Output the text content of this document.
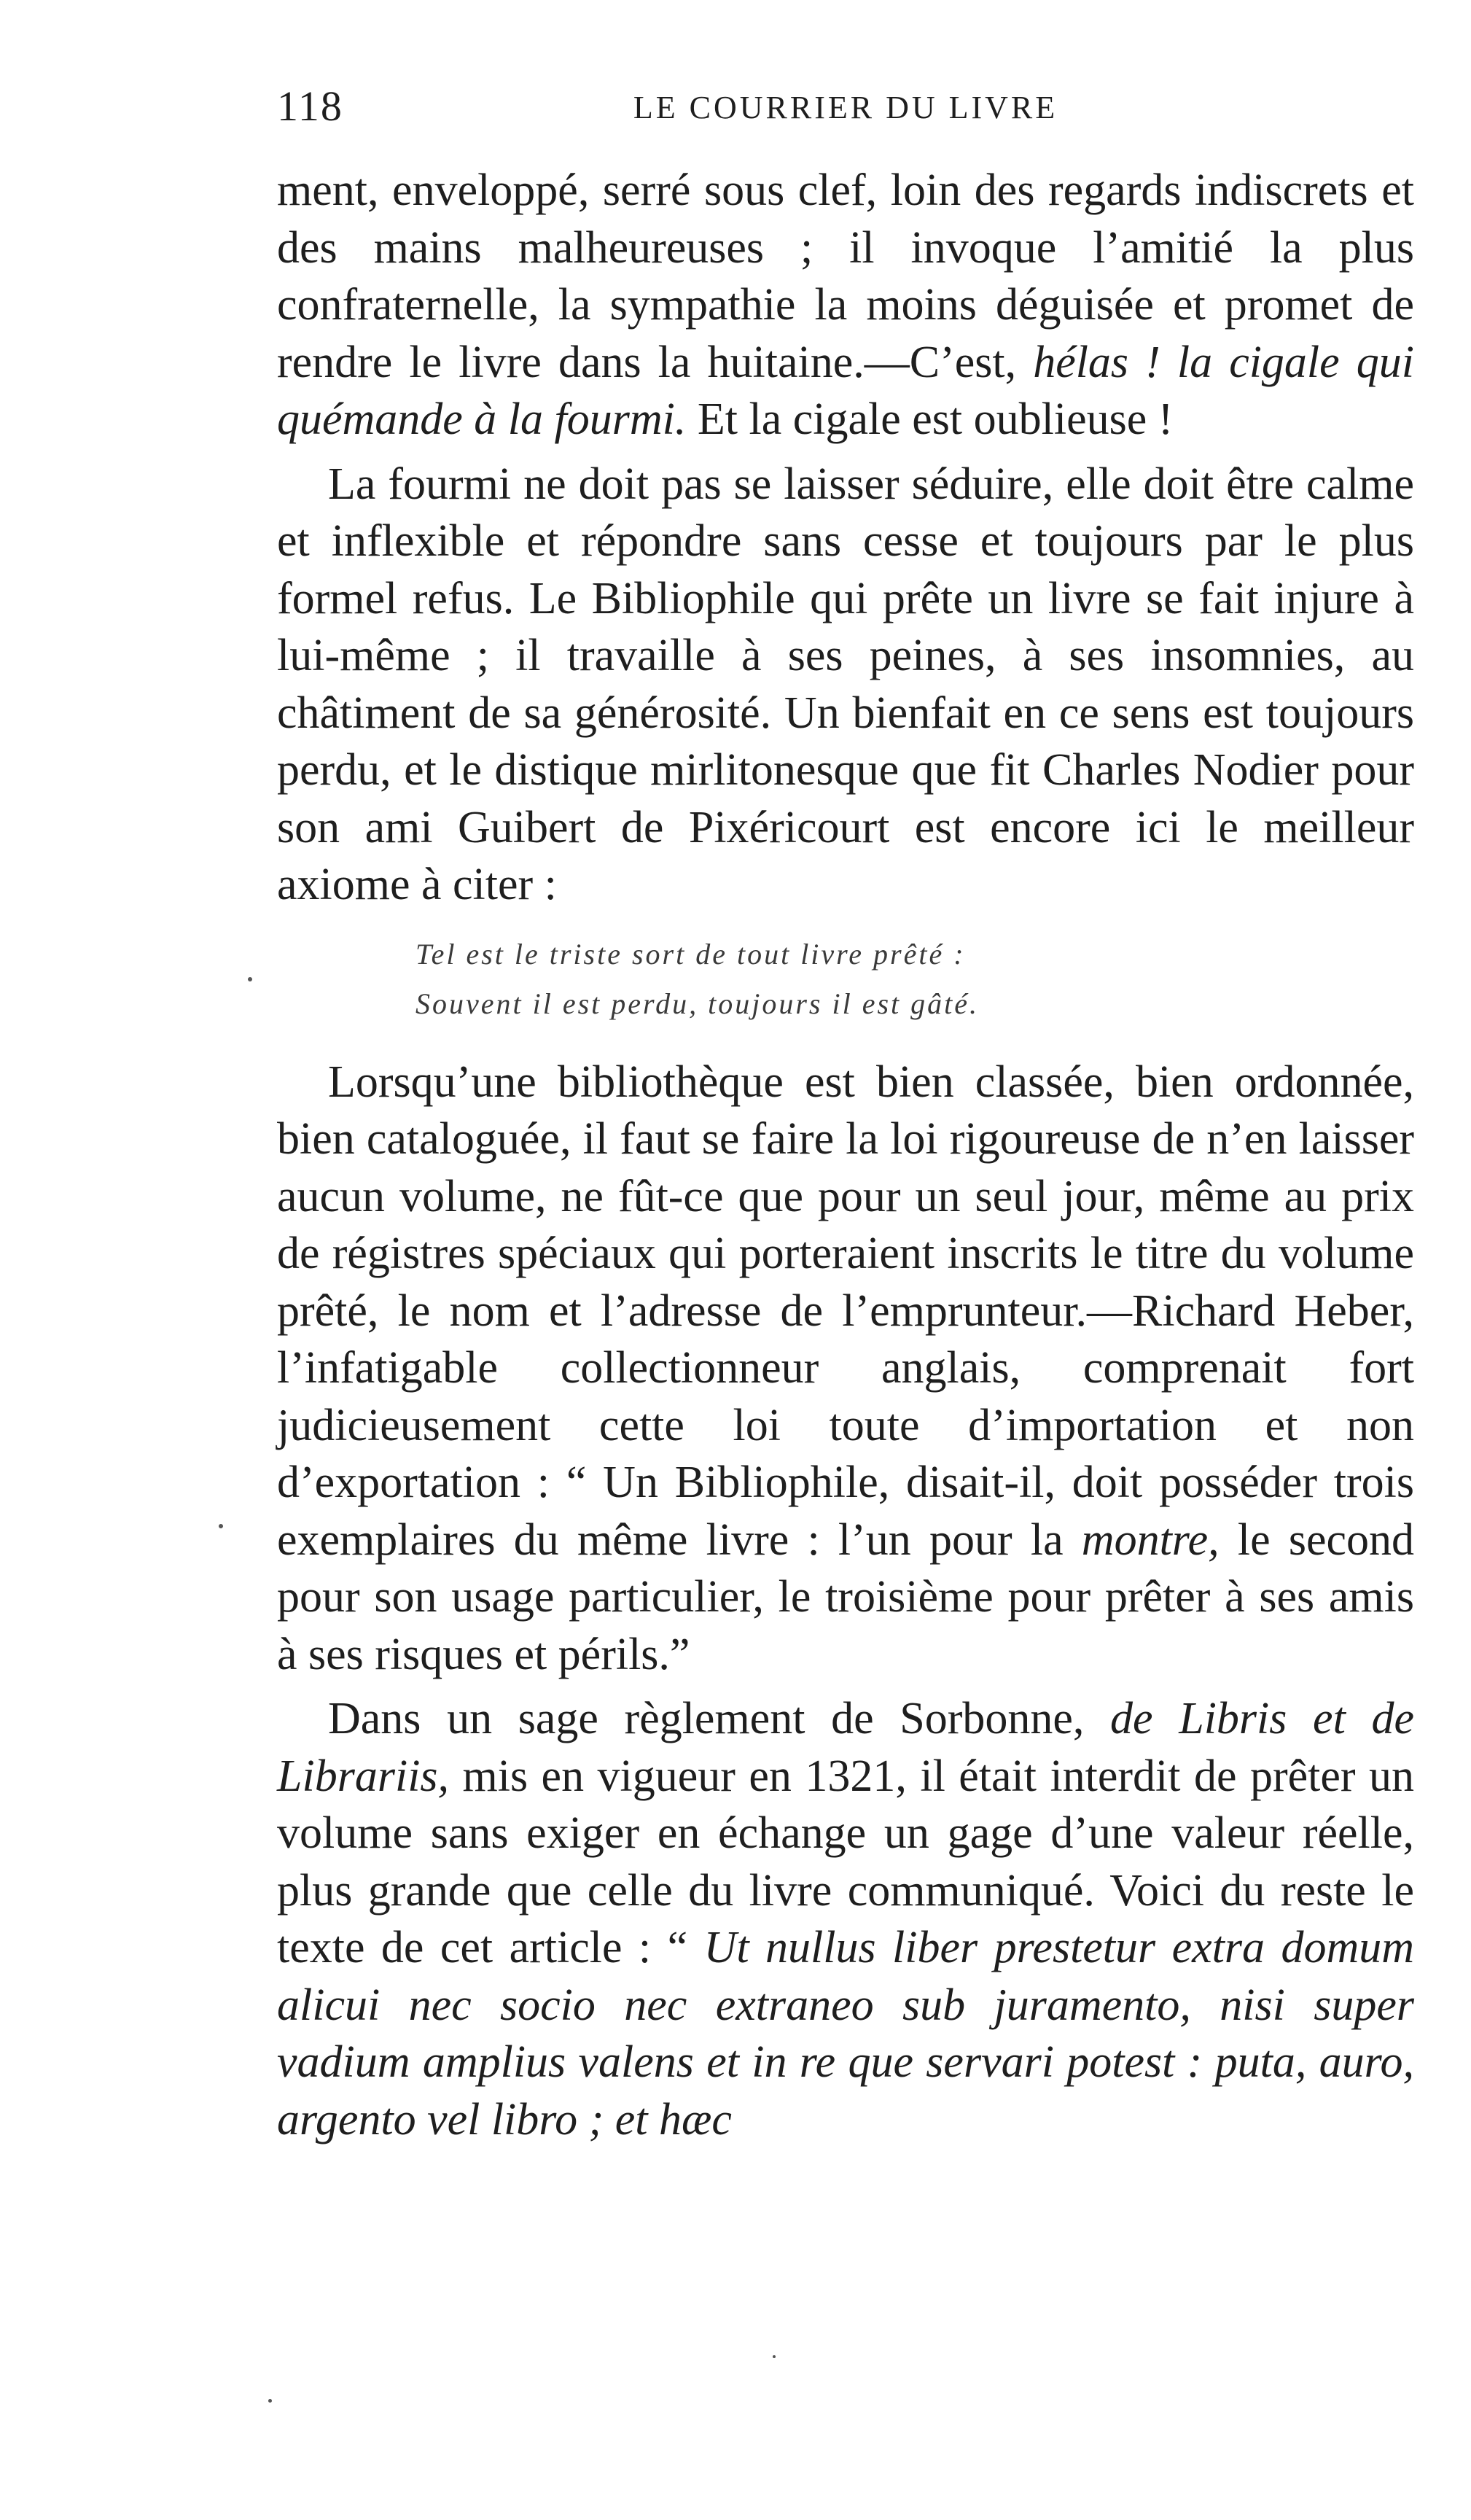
118	LE COURRIER DU LIVRE

ment, enveloppé, serré sous clef, loin des regards indiscrets et des mains malheureuses ; il invoque l’amitié la plus confraternelle, la sympathie la moins déguisée et promet de rendre le livre dans la huitaine.—C’est, hélas ! la cigale qui quémande à la fourmi. Et la cigale est oublieuse !

La fourmi ne doit pas se laisser séduire, elle doit être calme et inflexible et répondre sans cesse et toujours par le plus formel refus. Le Bibliophile qui prête un livre se fait injure à lui-même ; il travaille à ses peines, à ses insomnies, au châtiment de sa générosité. Un bienfait en ce sens est toujours perdu, et le distique mirlitonesque que fit Charles Nodier pour son ami Guibert de Pixéricourt est encore ici le meilleur axiome à citer :

Tel est le triste sort de tout livre prêté :
Souvent il est perdu, toujours il est gâté.

Lorsqu’une bibliothèque est bien classée, bien ordonnée, bien cataloguée, il faut se faire la loi rigoureuse de n’en laisser aucun volume, ne fût-ce que pour un seul jour, même au prix de régistres spéciaux qui porteraient inscrits le titre du volume prêté, le nom et l’adresse de l’emprunteur.—Richard Heber, l’infatigable collectionneur anglais, comprenait fort judicieusement cette loi toute d’importation et non d’exportation : “ Un Bibliophile, disait-il, doit posséder trois exemplaires du même livre : l’un pour la montre, le second pour son usage particulier, le troisième pour prêter à ses amis à ses risques et périls.”

Dans un sage règlement de Sorbonne, de Libris et de Librariis, mis en vigueur en 1321, il était interdit de prêter un volume sans exiger en échange un gage d’une valeur réelle, plus grande que celle du livre communiqué. Voici du reste le texte de cet article : “ Ut nullus liber prestetur extra domum alicui nec socio nec extraneo sub juramento, nisi super vadium amplius valens et in re que servari potest : puta, auro, argento vel libro ; et hæc
